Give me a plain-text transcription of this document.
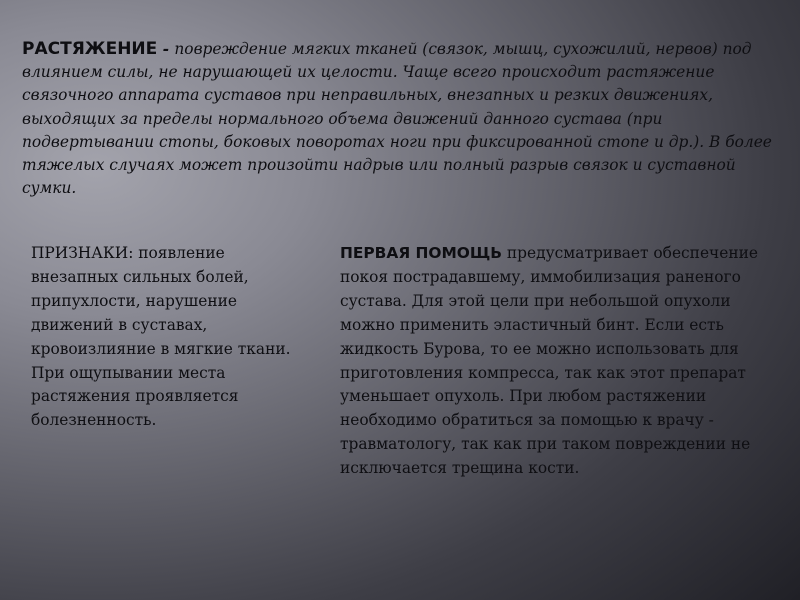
РАСТЯЖЕНИЕ - повреждение мягких тканей (связок, мышц, сухожилий, нервов) под влиянием силы, не нарушающей их целости. Чаще всего происходит растяжение связочного аппарата суставов при неправильных, внезапных и резких движениях, выходящих за пределы нормального объема движений данного сустава (при подвертывании стопы, боковых поворотах ноги при фиксированной стопе и др.). В более тяжелых случаях может произойти надрыв или полный разрыв связок и суставной сумки.
ПРИЗНАКИ: появление внезапных сильных болей, припухлости, нарушение движений в суставах, кровоизлияние в мягкие ткани. При ощупывании места растяжения проявляется болезненность.
ПЕРВАЯ ПОМОЩЬ предусматривает обеспечение покоя пострадавшему, иммобилизация раненого сустава. Для этой цели при небольшой опухоли можно применить эластичный бинт. Если есть жидкость Бурова, то ее можно использовать для приготовления компресса, так как этот препарат уменьшает опухоль. При любом растяжении необходимо обратиться за помощью к врачу - травматологу, так как при таком повреждении не исключается трещина кости.
